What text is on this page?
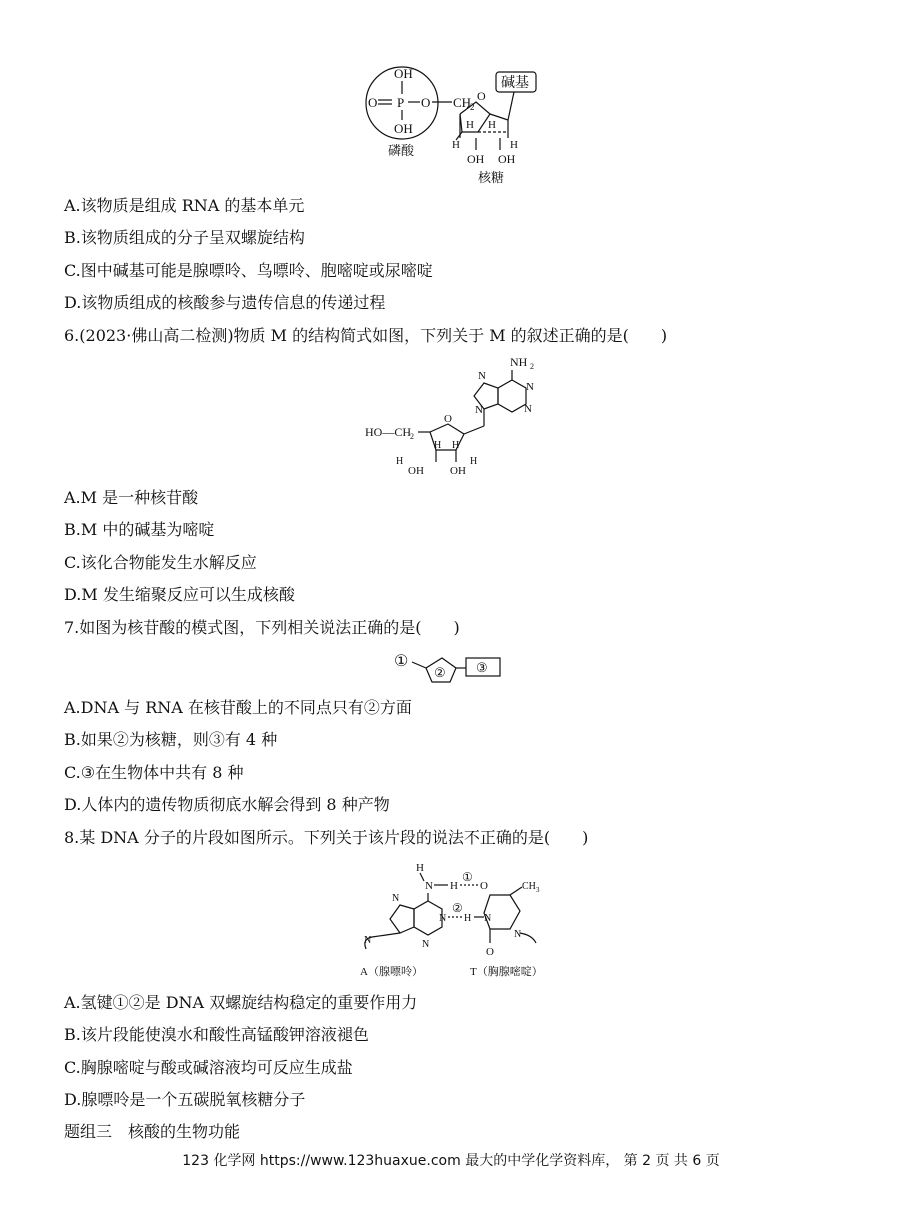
OH
O P O CH
2
OH
O
碱基
H H
H	H
OH OH
磷酸
核糖
A.该物质是组成 RNA 的基本单元
B.该物质组成的分子呈双螺旋结构
C.图中碱基可能是腺嘌呤、鸟嘌呤、胞嘧啶或尿嘧啶
D.该物质组成的核酸参与遗传信息的传递过程
6.(2023·佛山高二检测)物质 M 的结构简式如图，下列关于 M 的叙述正确的是(　　)
NH 2
N
N
N
N
HO—CH
2
O
H H
H	H
OH OH
A.M 是一种核苷酸
B.M 中的碱基为嘧啶
C.该化合物能发生水解反应
D.M 发生缩聚反应可以生成核酸
7.如图为核苷酸的模式图，下列相关说法正确的是(　　)
①
② ③
A.DNA 与 RNA 在核苷酸上的不同点只有②方面
B.如果②为核糖，则③有 4 种
C.③在生物体中共有 8 种
D.人体内的遗传物质彻底水解会得到 8 种产物
8.某 DNA 分子的片段如图所示。下列关于该片段的说法不正确的是(　　)
H
N H
①
O	CH 3
N
N	N
N
②
H N
N
O
A（腺嘌呤）	T（胸腺嘧啶）
A.氢键①②是 DNA 双螺旋结构稳定的重要作用力
B.该片段能使溴水和酸性高锰酸钾溶液褪色
C.胸腺嘧啶与酸或碱溶液均可反应生成盐
D.腺嘌呤是一个五碳脱氧核糖分子
题组三　核酸的生物功能
123 化学网 https://www.123huaxue.com 最大的中学化学资料库， 第 2 页 共 6 页
